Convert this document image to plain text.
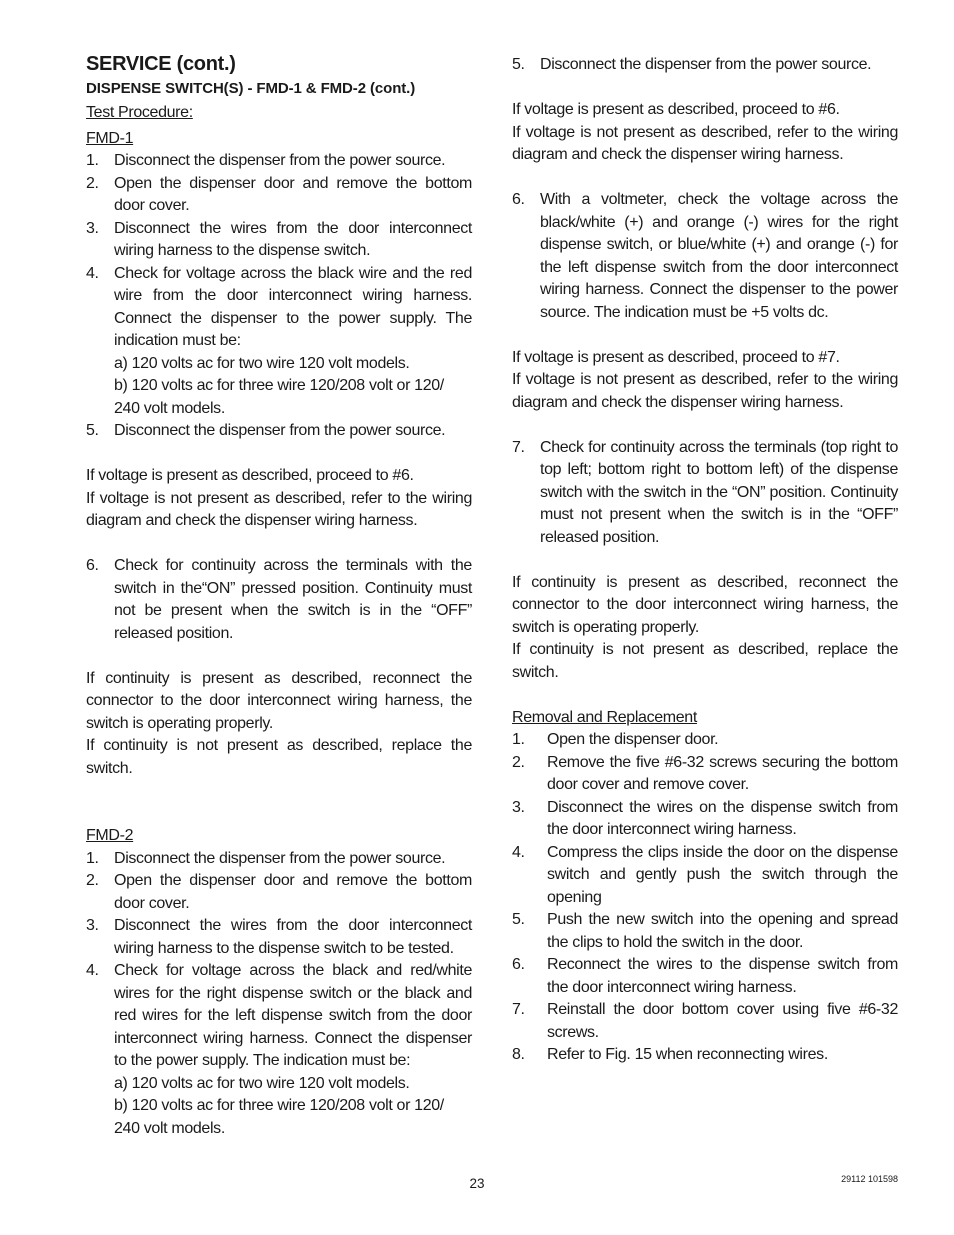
SERVICE (cont.)
DISPENSE SWITCH(S) - FMD-1 & FMD-2 (cont.)

Test Procedure:

FMD-1

1. Disconnect the dispenser from the power source.
2. Open the dispenser door and remove the bottom door cover.
3. Disconnect the wires from the door interconnect wiring harness to the dispense switch.
4. Check for voltage across the black wire and the red wire from the door interconnect wiring harness. Connect the dispenser to the power supply. The indication must be:
a) 120 volts ac for two wire 120 volt models.
b) 120 volts ac for three wire 120/208 volt or 120/ 240 volt models.
5. Disconnect the dispenser from the power source.

If voltage is present as described, proceed to #6.

If voltage is not present as described, refer to the wiring diagram and check the dispenser wiring harness.

6. Check for continuity across the terminals with the switch in the“ON” pressed position. Continuity must not be present when the switch is in the “OFF” released position.

If continuity is present as described, reconnect the connector to the door interconnect wiring harness, the switch is operating properly.

If continuity is not present as described, replace the switch.

FMD-2

1. Disconnect the dispenser from the power source.
2. Open the dispenser door and remove the bottom door cover.
3. Disconnect the wires from the door interconnect wiring harness to the dispense switch to be tested.
4. Check for voltage across the black and red/white wires for the right dispense switch or the black and red wires for the left dispense switch from the door interconnect wiring harness. Connect the dispenser to the power supply. The indication must be:
a) 120 volts ac for two wire 120 volt models.
b) 120 volts ac for three wire 120/208 volt or 120/ 240 volt models.
5. Disconnect the dispenser from the power source.

If voltage is present as described, proceed to #6.

If voltage is not present as described, refer to the wiring diagram and check the dispenser wiring harness.

6. With a voltmeter, check the voltage across the black/white (+) and orange (-) wires for the right dispense switch, or blue/white (+) and orange (-) for the left dispense switch from the door interconnect wiring harness. Connect the dispenser to the power source. The indication must be +5 volts dc.

If voltage is present as described, proceed to #7.

If voltage is not present as described, refer to the wiring diagram and check the dispenser wiring harness.

7. Check for continuity across the terminals (top right to top left; bottom right to bottom left) of the dispense switch with the switch in the “ON” position. Continuity must not present when the switch is in the “OFF” released position.

If continuity is present as described, reconnect the connector to the door interconnect wiring harness, the switch is operating properly.

If continuity is not present as described, replace the switch.

Removal and Replacement

1. Open the dispenser door.
2. Remove the five #6-32 screws securing the bottom door cover and remove cover.
3. Disconnect the wires on the dispense switch from the door interconnect wiring harness.
4. Compress the clips inside the door on the dispense switch and gently push the switch through the opening
5. Push the new switch into the opening and spread the clips to hold the switch in the door.
6. Reconnect the wires to the dispense switch from the door interconnect wiring harness.
7. Reinstall the door bottom cover using five #6-32 screws.
8. Refer to Fig. 15 when reconnecting wires.
23	29112 101598
